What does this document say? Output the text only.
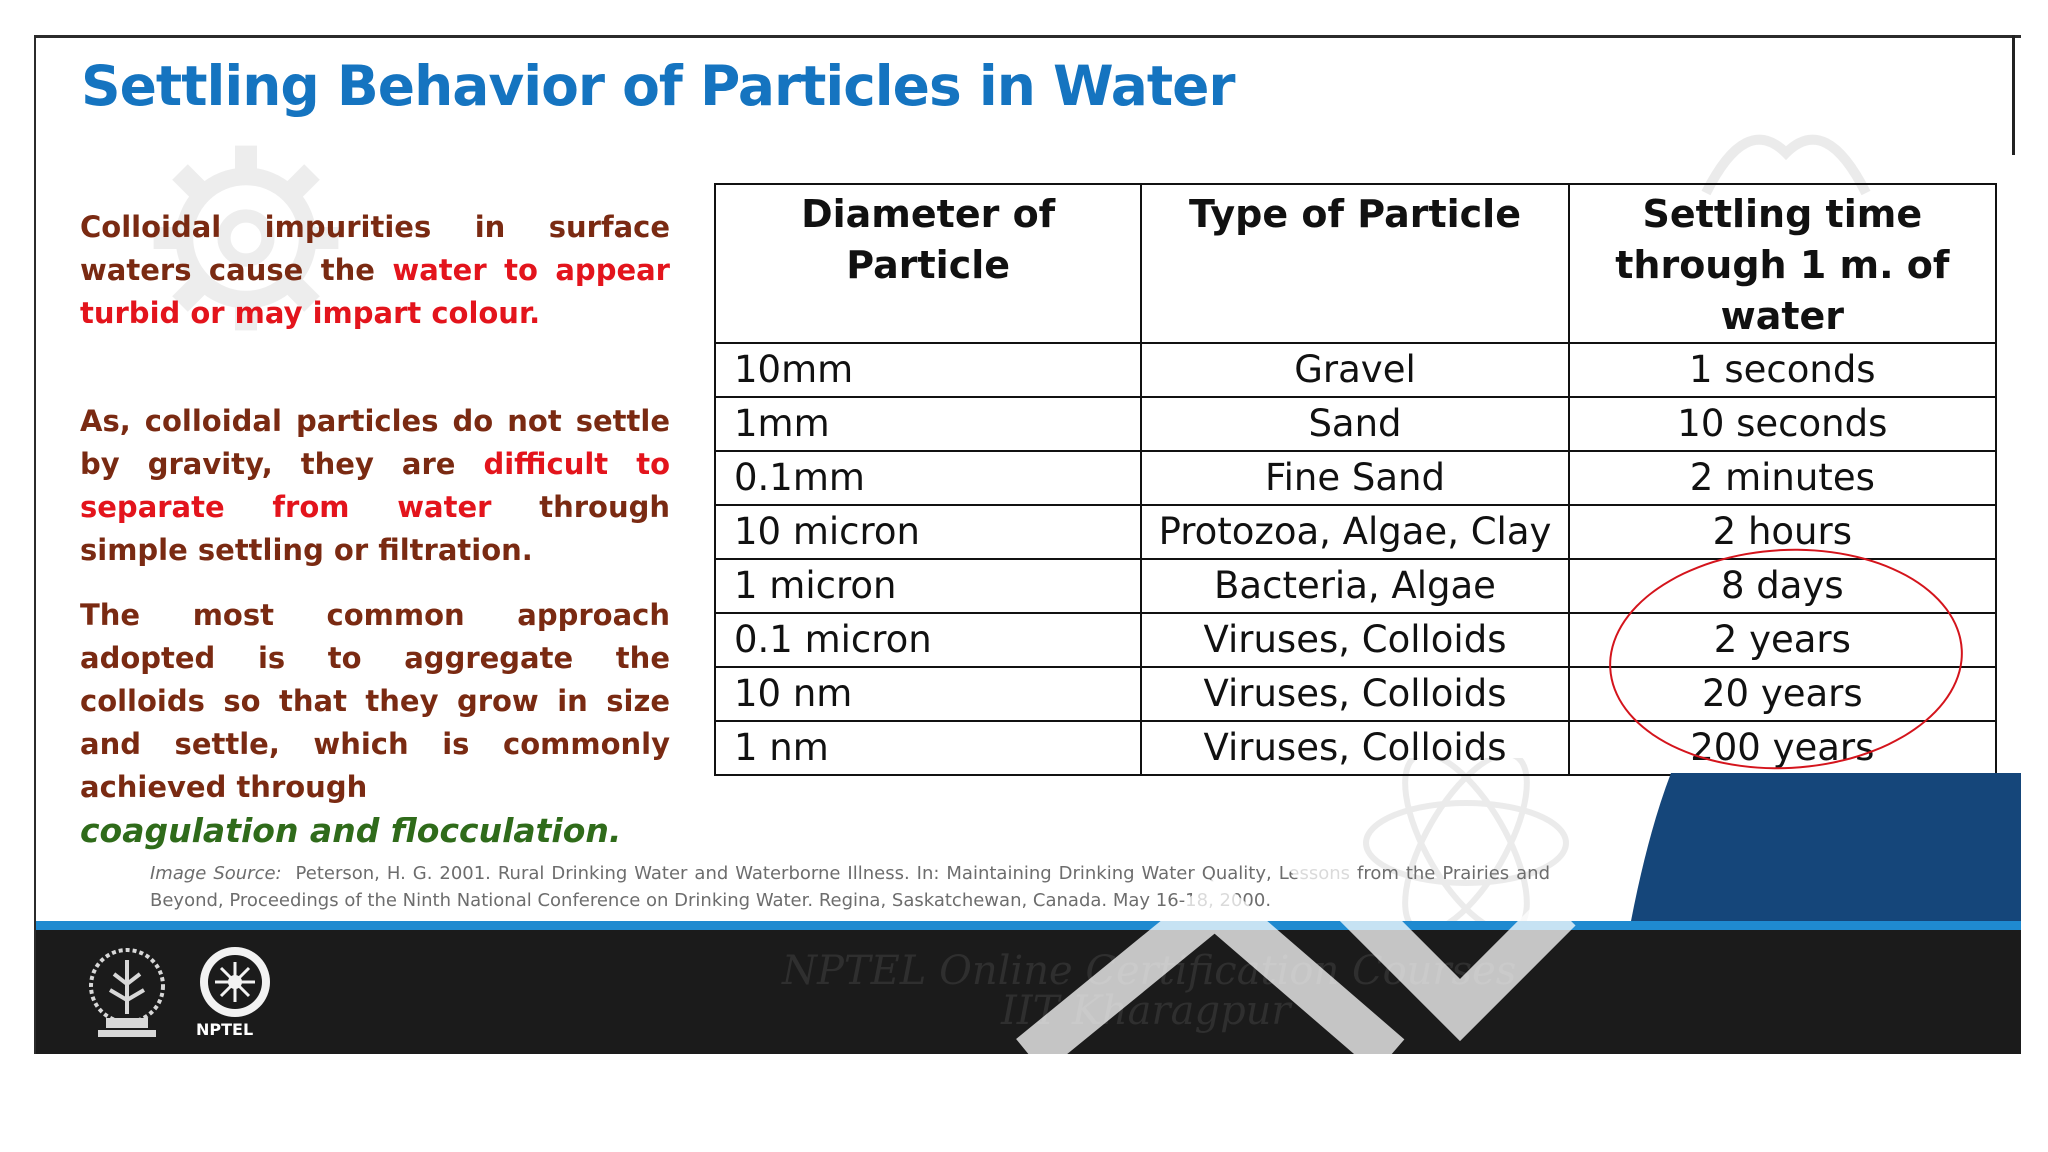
Settling Behavior of Particles in Water
Colloidal impurities in surface waters cause the water to appear turbid or may impart colour.
As, colloidal particles do not settle by gravity, they are difficult to separate from water through simple settling or filtration.
The most common approach adopted is to aggregate the colloids so that they grow in size and settle, which is commonly achieved through
coagulation and flocculation.
Diameter of Particle	Type of Particle	Settling time through 1 m. of water
10mm	Gravel	1 seconds
1mm	Sand	10 seconds
0.1mm	Fine Sand	2 minutes
10 micron	Protozoa, Algae, Clay	2 hours
1 micron	Bacteria, Algae	8 days
0.1 micron	Viruses, Colloids	2 years
10 nm	Viruses, Colloids	20 years
1 nm	Viruses, Colloids	200 years
Image Source: Peterson, H. G. 2001. Rural Drinking Water and Waterborne Illness. In: Maintaining Drinking Water Quality, Lessons from the Prairies and Beyond, Proceedings of the Ninth National Conference on Drinking Water. Regina, Saskatchewan, Canada. May 16-18, 2000.
NPTEL
NPTEL Online Certification Courses
IIT Kharagpur
